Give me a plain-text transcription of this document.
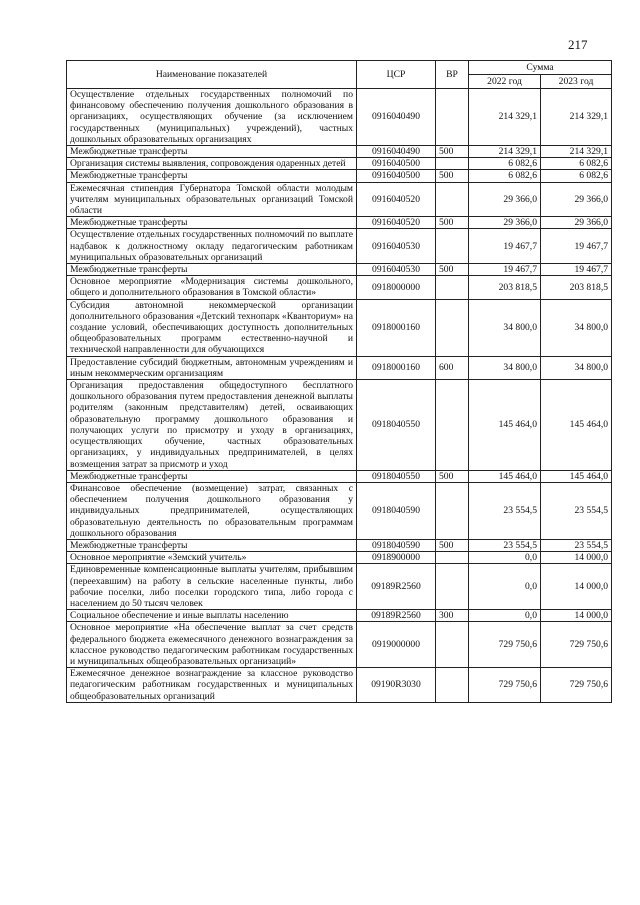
217
Наименование показателей	ЦСР	ВР	Сумма	
			2022 год	2023 год
Осуществление отдельных государственных полномочий по финансовому обеспечению получения дошкольного образования в организациях, осуществляющих обучение (за исключением государственных (муниципальных) учреждений), частных дошкольных образовательных организациях	0916040490		214 329,1	214 329,1
Межбюджетные трансферты	0916040490	500	214 329,1	214 329,1
Организация системы выявления, сопровождения одаренных детей	0916040500		6 082,6	6 082,6
Межбюджетные трансферты	0916040500	500	6 082,6	6 082,6
Ежемесячная стипендия Губернатора Томской области молодым учителям муниципальных образовательных организаций Томской области	0916040520		29 366,0	29 366,0
Межбюджетные трансферты	0916040520	500	29 366,0	29 366,0
Осуществление отдельных государственных полномочий по выплате надбавок к должностному окладу педагогическим работникам муниципальных образовательных организаций	0916040530		19 467,7	19 467,7
Межбюджетные трансферты	0916040530	500	19 467,7	19 467,7
Основное мероприятие «Модернизация системы дошкольного, общего и дополнительного образования в Томской области»	0918000000		203 818,5	203 818,5
Субсидия автономной некоммерческой организации дополнительного образования «Детский технопарк «Кванториум» на создание условий, обеспечивающих доступность дополнительных общеобразовательных программ естественно-научной и технической направленности для обучающихся	0918000160		34 800,0	34 800,0
Предоставление субсидий бюджетным, автономным учреждениям и иным некоммерческим организациям	0918000160	600	34 800,0	34 800,0
Организация предоставления общедоступного бесплатного дошкольного образования путем предоставления денежной выплаты родителям (законным представителям) детей, осваивающих образовательную программу дошкольного образования и получающих услуги по присмотру и уходу в организациях, осуществляющих обучение, частных образовательных организациях, у индивидуальных предпринимателей, в целях возмещения затрат за присмотр и уход	0918040550		145 464,0	145 464,0
Межбюджетные трансферты	0918040550	500	145 464,0	145 464,0
Финансовое обеспечение (возмещение) затрат, связанных с обеспечением получения дошкольного образования у индивидуальных предпринимателей, осуществляющих образовательную деятельность по образовательным программам дошкольного образования	0918040590		23 554,5	23 554,5
Межбюджетные трансферты	0918040590	500	23 554,5	23 554,5
Основное мероприятие «Земский учитель»	0918900000		0,0	14 000,0
Единовременные компенсационные выплаты учителям, прибывшим (переехавшим) на работу в сельские населенные пункты, либо рабочие поселки, либо поселки городского типа, либо города с населением до 50 тысяч человек	09189R2560		0,0	14 000,0
Социальное обеспечение и иные выплаты населению	09189R2560	300	0,0	14 000,0
Основное мероприятие «На обеспечение выплат за счет средств федерального бюджета ежемесячного денежного вознаграждения за классное руководство педагогическим работникам государственных и муниципальных общеобразовательных организаций»	0919000000		729 750,6	729 750,6
Ежемесячное денежное вознаграждение за классное руководство педагогическим работникам государственных и муниципальных общеобразовательных организаций	09190R3030		729 750,6	729 750,6
